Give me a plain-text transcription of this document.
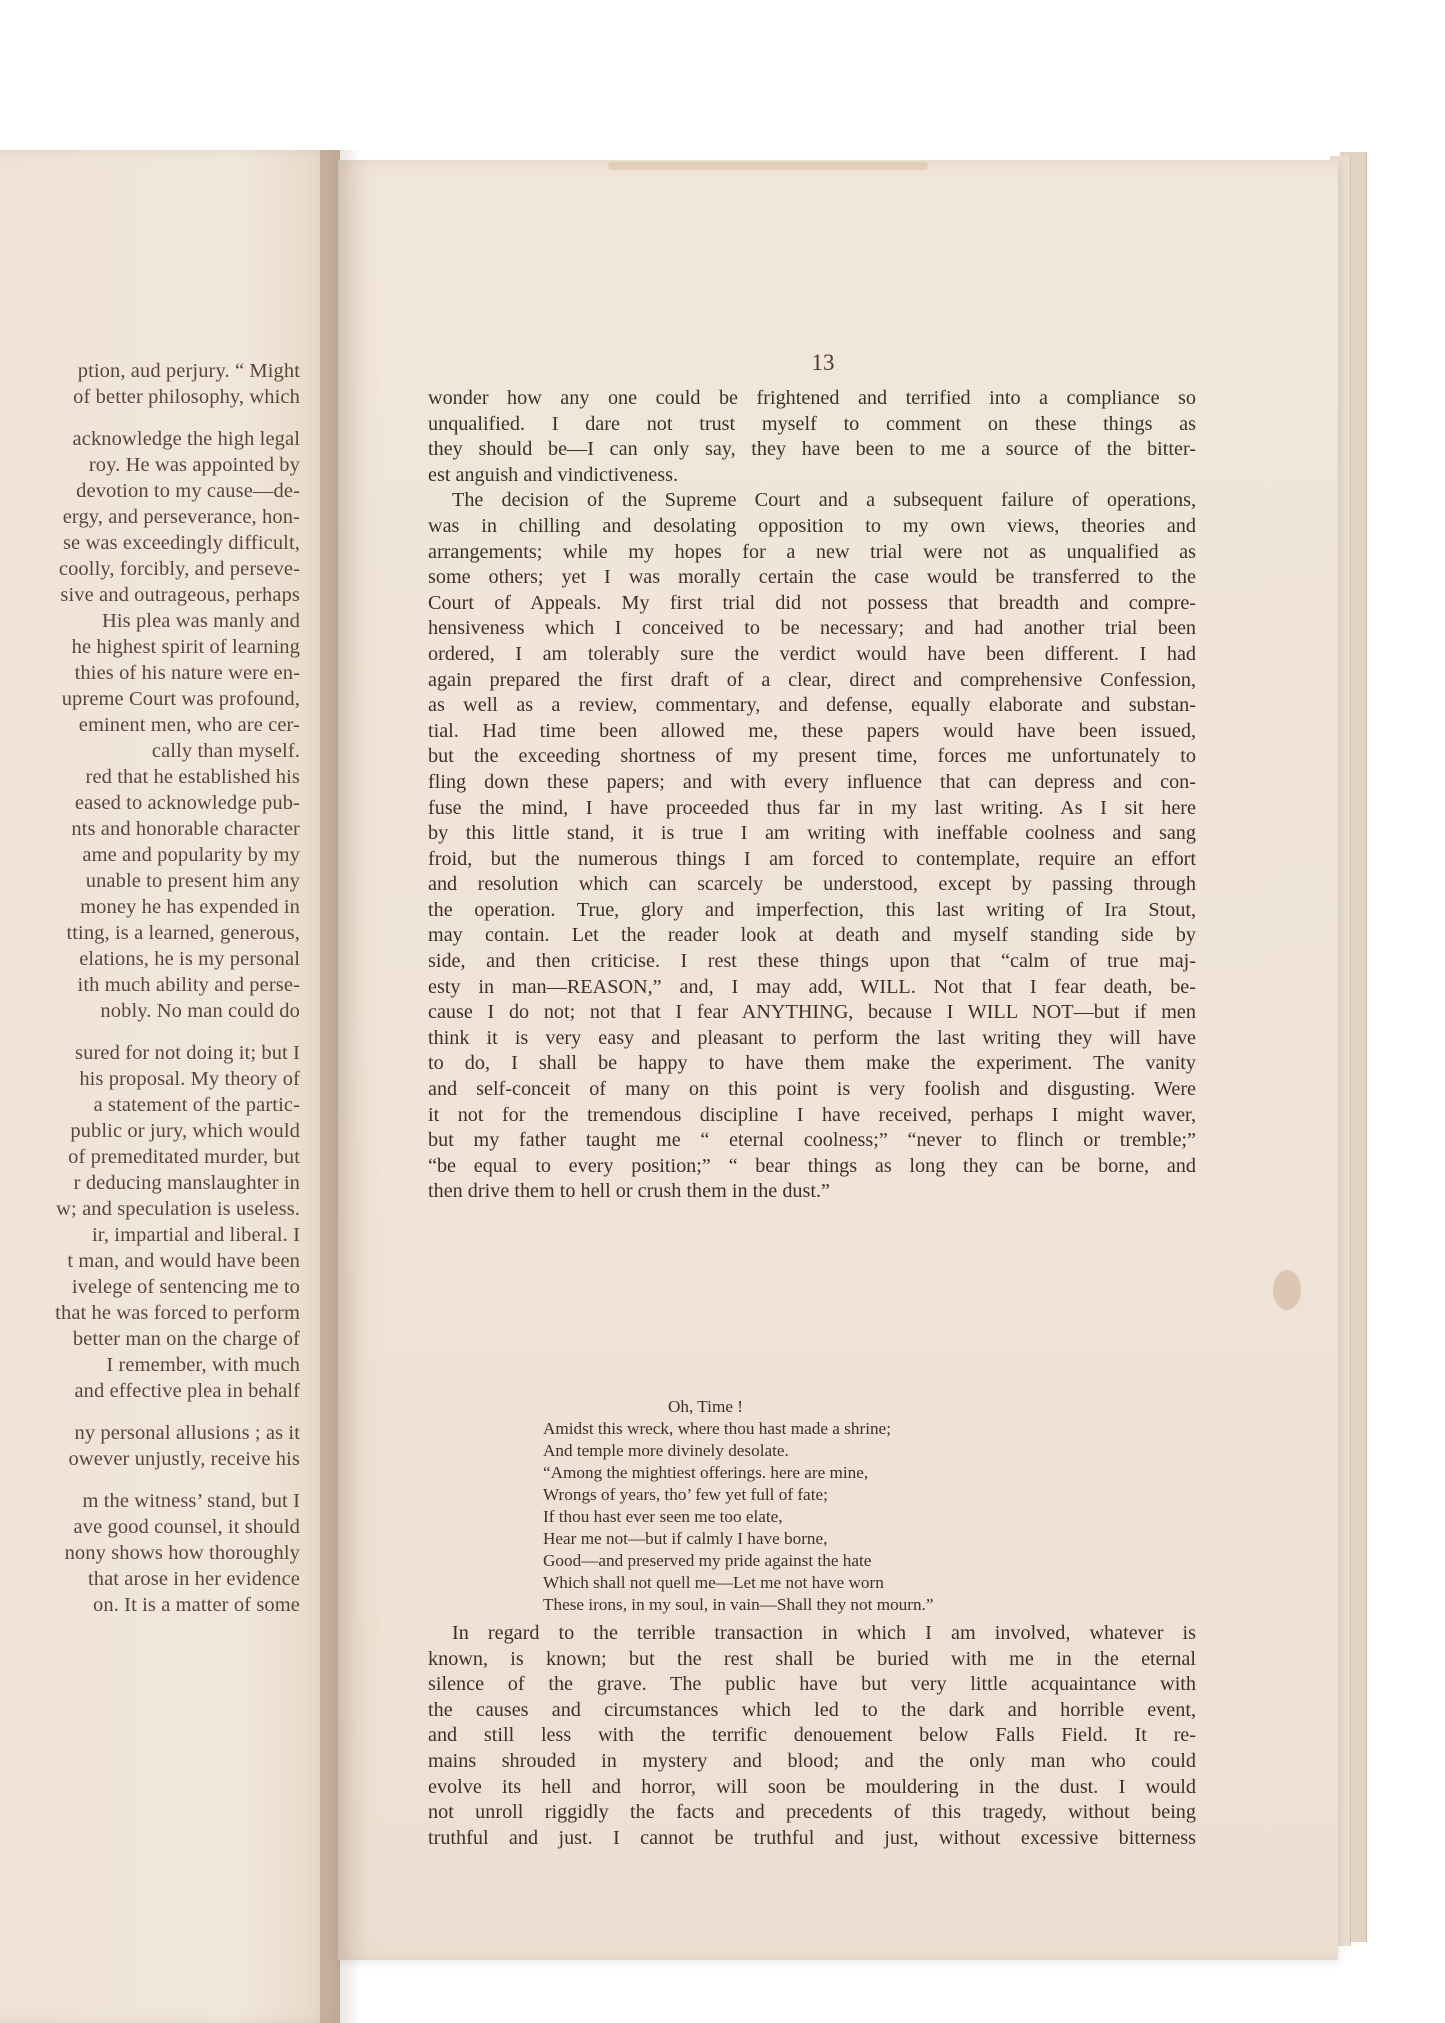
ption, aud perjury. “ Might
of better philosophy, which
acknowledge the high legal
roy. He was appointed by
devotion to my cause—de-
ergy, and perseverance, hon-
se was exceedingly difficult,
coolly, forcibly, and perseve-
sive and outrageous, perhaps
His plea was manly and
he highest spirit of learning
thies of his nature were en-
upreme Court was profound,
eminent men, who are cer-
cally than myself.
red that he established his
eased to acknowledge pub-
nts and honorable character
ame and popularity by my
unable to present him any
money he has expended in
tting, is a learned, generous,
elations, he is my personal
ith much ability and perse-
nobly. No man could do
sured for not doing it; but I
his proposal. My theory of
a statement of the partic-
public or jury, which would
of premeditated murder, but
r deducing manslaughter in
w; and speculation is useless.
ir, impartial and liberal. I
t man, and would have been
ivelege of sentencing me to
that he was forced to perform
better man on the charge of
I remember, with much
and effective plea in behalf
ny personal allusions ; as it
owever unjustly, receive his
m the witness’ stand, but I
ave good counsel, it should
nony shows how thoroughly
that arose in her evidence
on. It is a matter of some
13
wonder how any one could be frightened and terrified into a compliance so
unqualified. I dare not trust myself to comment on these things as
they should be—I can only say, they have been to me a source of the bitter-
est anguish and vindictiveness.
The decision of the Supreme Court and a subsequent failure of operations,
was in chilling and desolating opposition to my own views, theories and
arrangements; while my hopes for a new trial were not as unqualified as
some others; yet I was morally certain the case would be transferred to the
Court of Appeals. My first trial did not possess that breadth and compre-
hensiveness which I conceived to be necessary; and had another trial been
ordered, I am tolerably sure the verdict would have been different. I had
again prepared the first draft of a clear, direct and comprehensive Confession,
as well as a review, commentary, and defense, equally elaborate and substan-
tial. Had time been allowed me, these papers would have been issued,
but the exceeding shortness of my present time, forces me unfortunately to
fling down these papers; and with every influence that can depress and con-
fuse the mind, I have proceeded thus far in my last writing. As I sit here
by this little stand, it is true I am writing with ineffable coolness and sang
froid, but the numerous things I am forced to contemplate, require an effort
and resolution which can scarcely be understood, except by passing through
the operation. True, glory and imperfection, this last writing of Ira Stout,
may contain. Let the reader look at death and myself standing side by
side, and then criticise. I rest these things upon that “calm of true maj-
esty in man—REASON,” and, I may add, WILL. Not that I fear death, be-
cause I do not; not that I fear ANYTHING, because I WILL NOT—but if men
think it is very easy and pleasant to perform the last writing they will have
to do, I shall be happy to have them make the experiment. The vanity
and self-conceit of many on this point is very foolish and disgusting. Were
it not for the tremendous discipline I have received, perhaps I might waver,
but my father taught me “ eternal coolness;” “never to flinch or tremble;”
“be equal to every position;” “ bear things as long they can be borne, and
then drive them to hell or crush them in the dust.”
Oh, Time !
Amidst this wreck, where thou hast made a shrine;
And temple more divinely desolate.
“Among the mightiest offerings. here are mine,
Wrongs of years, tho’ few yet full of fate;
If thou hast ever seen me too elate,
Hear me not—but if calmly I have borne,
Good—and preserved my pride against the hate
Which shall not quell me—Let me not have worn
These irons, in my soul, in vain—Shall they not mourn.”
In regard to the terrible transaction in which I am involved, whatever is
known, is known; but the rest shall be buried with me in the eternal
silence of the grave. The public have but very little acquaintance with
the causes and circumstances which led to the dark and horrible event,
and still less with the terrific denouement below Falls Field. It re-
mains shrouded in mystery and blood; and the only man who could
evolve its hell and horror, will soon be mouldering in the dust. I would
not unroll riggidly the facts and precedents of this tragedy, without being
truthful and just. I cannot be truthful and just, without excessive bitterness
